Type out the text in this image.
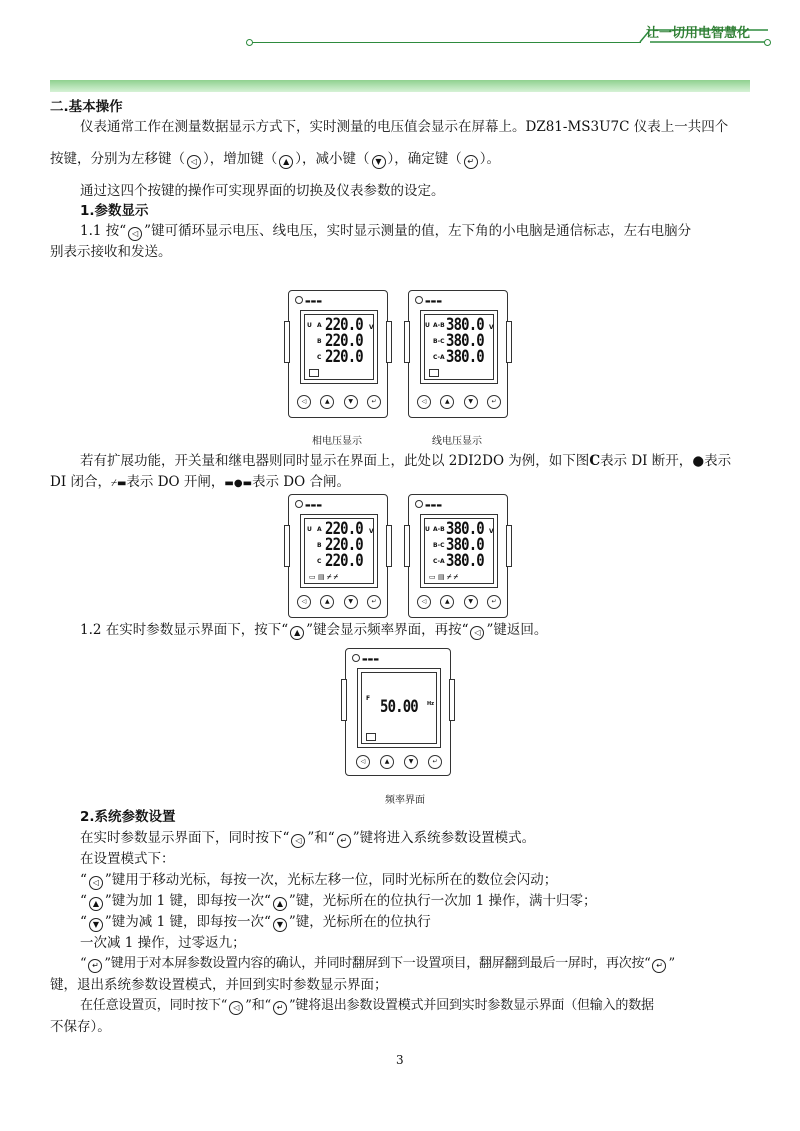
让一切用电智慧化
二.基本操作
仪表通常工作在测量数据显示方式下，实时测量的电压值会显示在屏幕上。DZ81-MS3U7C 仪表上一共四个
按键，分别为左移键（ ◁ ），增加键（ ▲ ），减小键（ ▼ ），确定键（ ↵ ）。
通过这四个按键的操作可实现界面的切换及仪表参数的设定。
1.参数显示
1.1 按“ ◁ ”键可循环显示电压、线电压，实时显示测量的值，左下角的小电脑是通信标志，左右电脑分
别表示接收和发送。
▬▬▬
U A
B
C
220.0
220.0
220.0
V
◁	▲	▼	↵
▬▬▬
U A-B
B-C
C-A
380.0
380.0
380.0
V
◁	▲	▼	↵
相电压显示	线电压显示
若有扩展功能，开关量和继电器则同时显示在界面上，此处以 2DI2DO 为例，如下图C表示 DI 断开，●表示
DI 闭合，⌿▬表示 DO 开闸，▬●▬表示 DO 合闸。
▬▬▬
U A
B
C
220.0
220.0
220.0
V
▭ ▤ ⌿ ⌿
◁	▲	▼	↵
▬▬▬
U A-B
B-C
C-A
380.0
380.0
380.0
V
▭ ▤ ⌿ ⌿
◁	▲	▼	↵
1.2 在实时参数显示界面下，按下“ ▲ ”键会显示频率界面，再按“ ◁ ”键返回。
▬▬▬
F 50.00 Hz
◁	▲	▼	↵
频率界面
2.系统参数设置
在实时参数显示界面下，同时按下“ ◁ ”和“ ↵ ”键将进入系统参数设置模式。
在设置模式下：
“ ◁ ”键用于移动光标，每按一次，光标左移一位，同时光标所在的数位会闪动；
“ ▲ ”键为加 1 键，即每按一次“ ▲ ”键，光标所在的位执行一次加 1 操作，满十归零；
“ ▼ ”键为减 1 键，即每按一次“ ▼ ”键，光标所在的位执行
一次减 1 操作，过零返九；
“ ↵ ”键用于对本屏参数设置内容的确认，并同时翻屏到下一设置项目，翻屏翻到最后一屏时，再次按“ ↵ ”
键，退出系统参数设置模式，并回到实时参数显示界面；
在任意设置页，同时按下“ ◁ ”和“ ↵ ”键将退出参数设置模式并回到实时参数显示界面（但输入的数据
不保存）。
3
